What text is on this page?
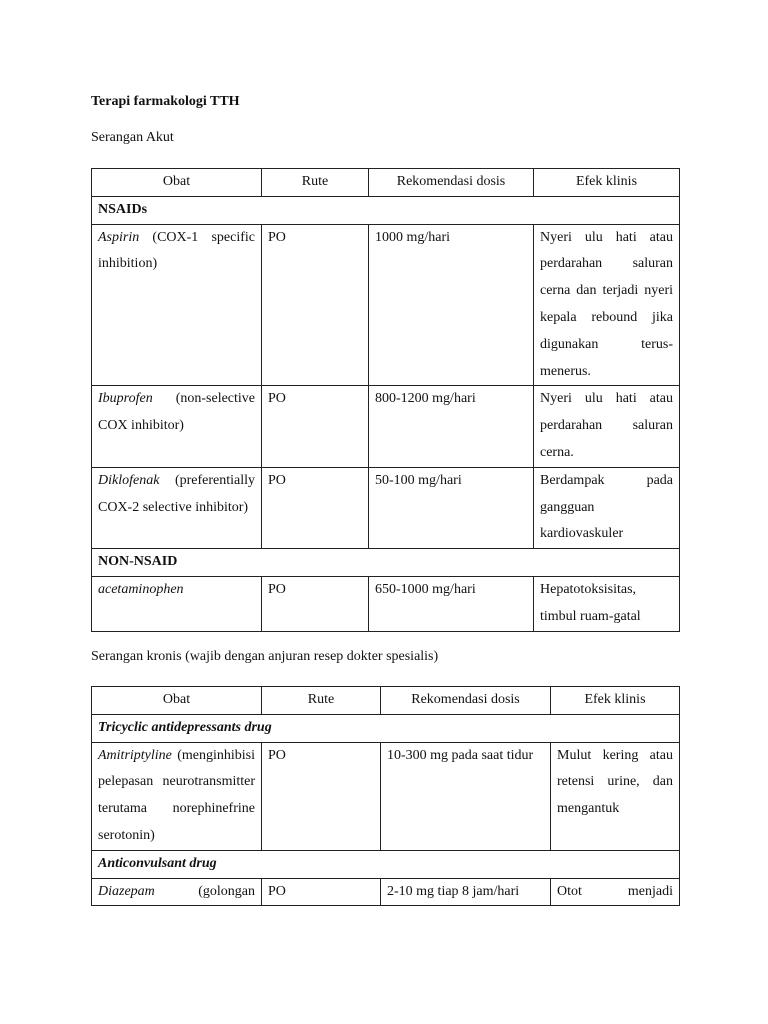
Terapi farmakologi TTH
Serangan Akut
Obat	Rute	Rekomendasi dosis	Efek klinis
NSAIDs			
Aspirin (COX-1 specific inhibition)	PO	1000 mg/hari	Nyeri ulu hati atau perdarahan saluran cerna dan terjadi nyeri kepala rebound jika digunakan terus-menerus.
Ibuprofen (non-selective COX inhibitor)	PO	800-1200 mg/hari	Nyeri ulu hati atau perdarahan saluran cerna.
Diklofenak (preferentially COX-2 selective inhibitor)	PO	50-100 mg/hari	Berdampak pada gangguan kardiovaskuler
NON-NSAID			
acetaminophen	PO	650-1000 mg/hari	Hepatotoksisitas, timbul ruam-gatal
Serangan kronis (wajib dengan anjuran resep dokter spesialis)
Obat	Rute	Rekomendasi dosis	Efek klinis
Tricyclic antidepressants drug			
Amitriptyline (menginhibisi pelepasan neurotransmitter terutama norephinefrine serotonin)	PO	10-300 mg pada saat tidur	Mulut kering atau retensi urine, dan mengantuk
Anticonvulsant drug			
Diazepam (golongan	PO	2-10 mg tiap 8 jam/hari	Otot menjadi
